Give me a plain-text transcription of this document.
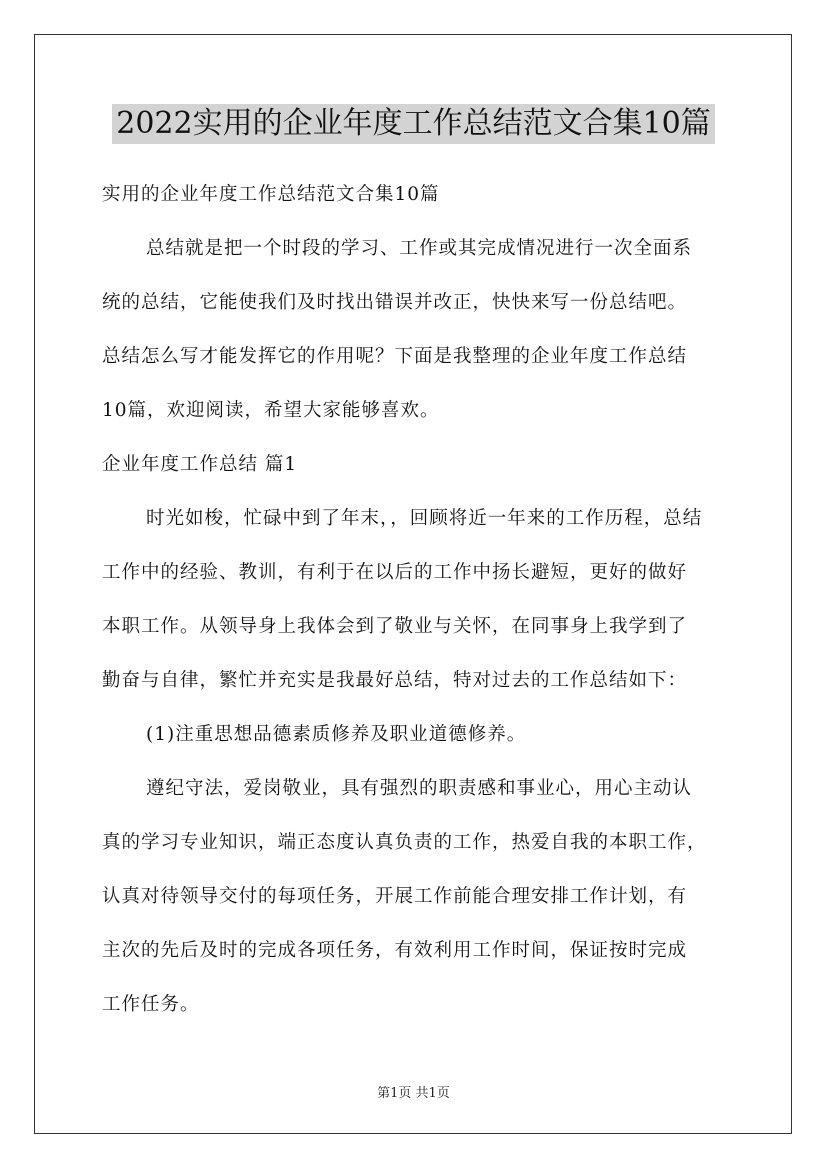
2022实用的企业年度工作总结范文合集10篇
实用的企业年度工作总结范文合集10篇
总结就是把一个时段的学习、工作或其完成情况进行一次全面系
统的总结，它能使我们及时找出错误并改正，快快来写一份总结吧。
总结怎么写才能发挥它的作用呢？下面是我整理的企业年度工作总结
10篇，欢迎阅读，希望大家能够喜欢。
企业年度工作总结 篇1
时光如梭，忙碌中到了年末，，回顾将近一年来的工作历程，总结
工作中的经验、教训，有利于在以后的工作中扬长避短，更好的做好
本职工作。从领导身上我体会到了敬业与关怀，在同事身上我学到了
勤奋与自律，繁忙并充实是我最好总结，特对过去的工作总结如下：
(1)注重思想品德素质修养及职业道德修养。
遵纪守法，爱岗敬业，具有强烈的职责感和事业心，用心主动认
真的学习专业知识，端正态度认真负责的工作，热爱自我的本职工作，
认真对待领导交付的每项任务，开展工作前能合理安排工作计划，有
主次的先后及时的完成各项任务，有效利用工作时间，保证按时完成
工作任务。
第1页 共1页
